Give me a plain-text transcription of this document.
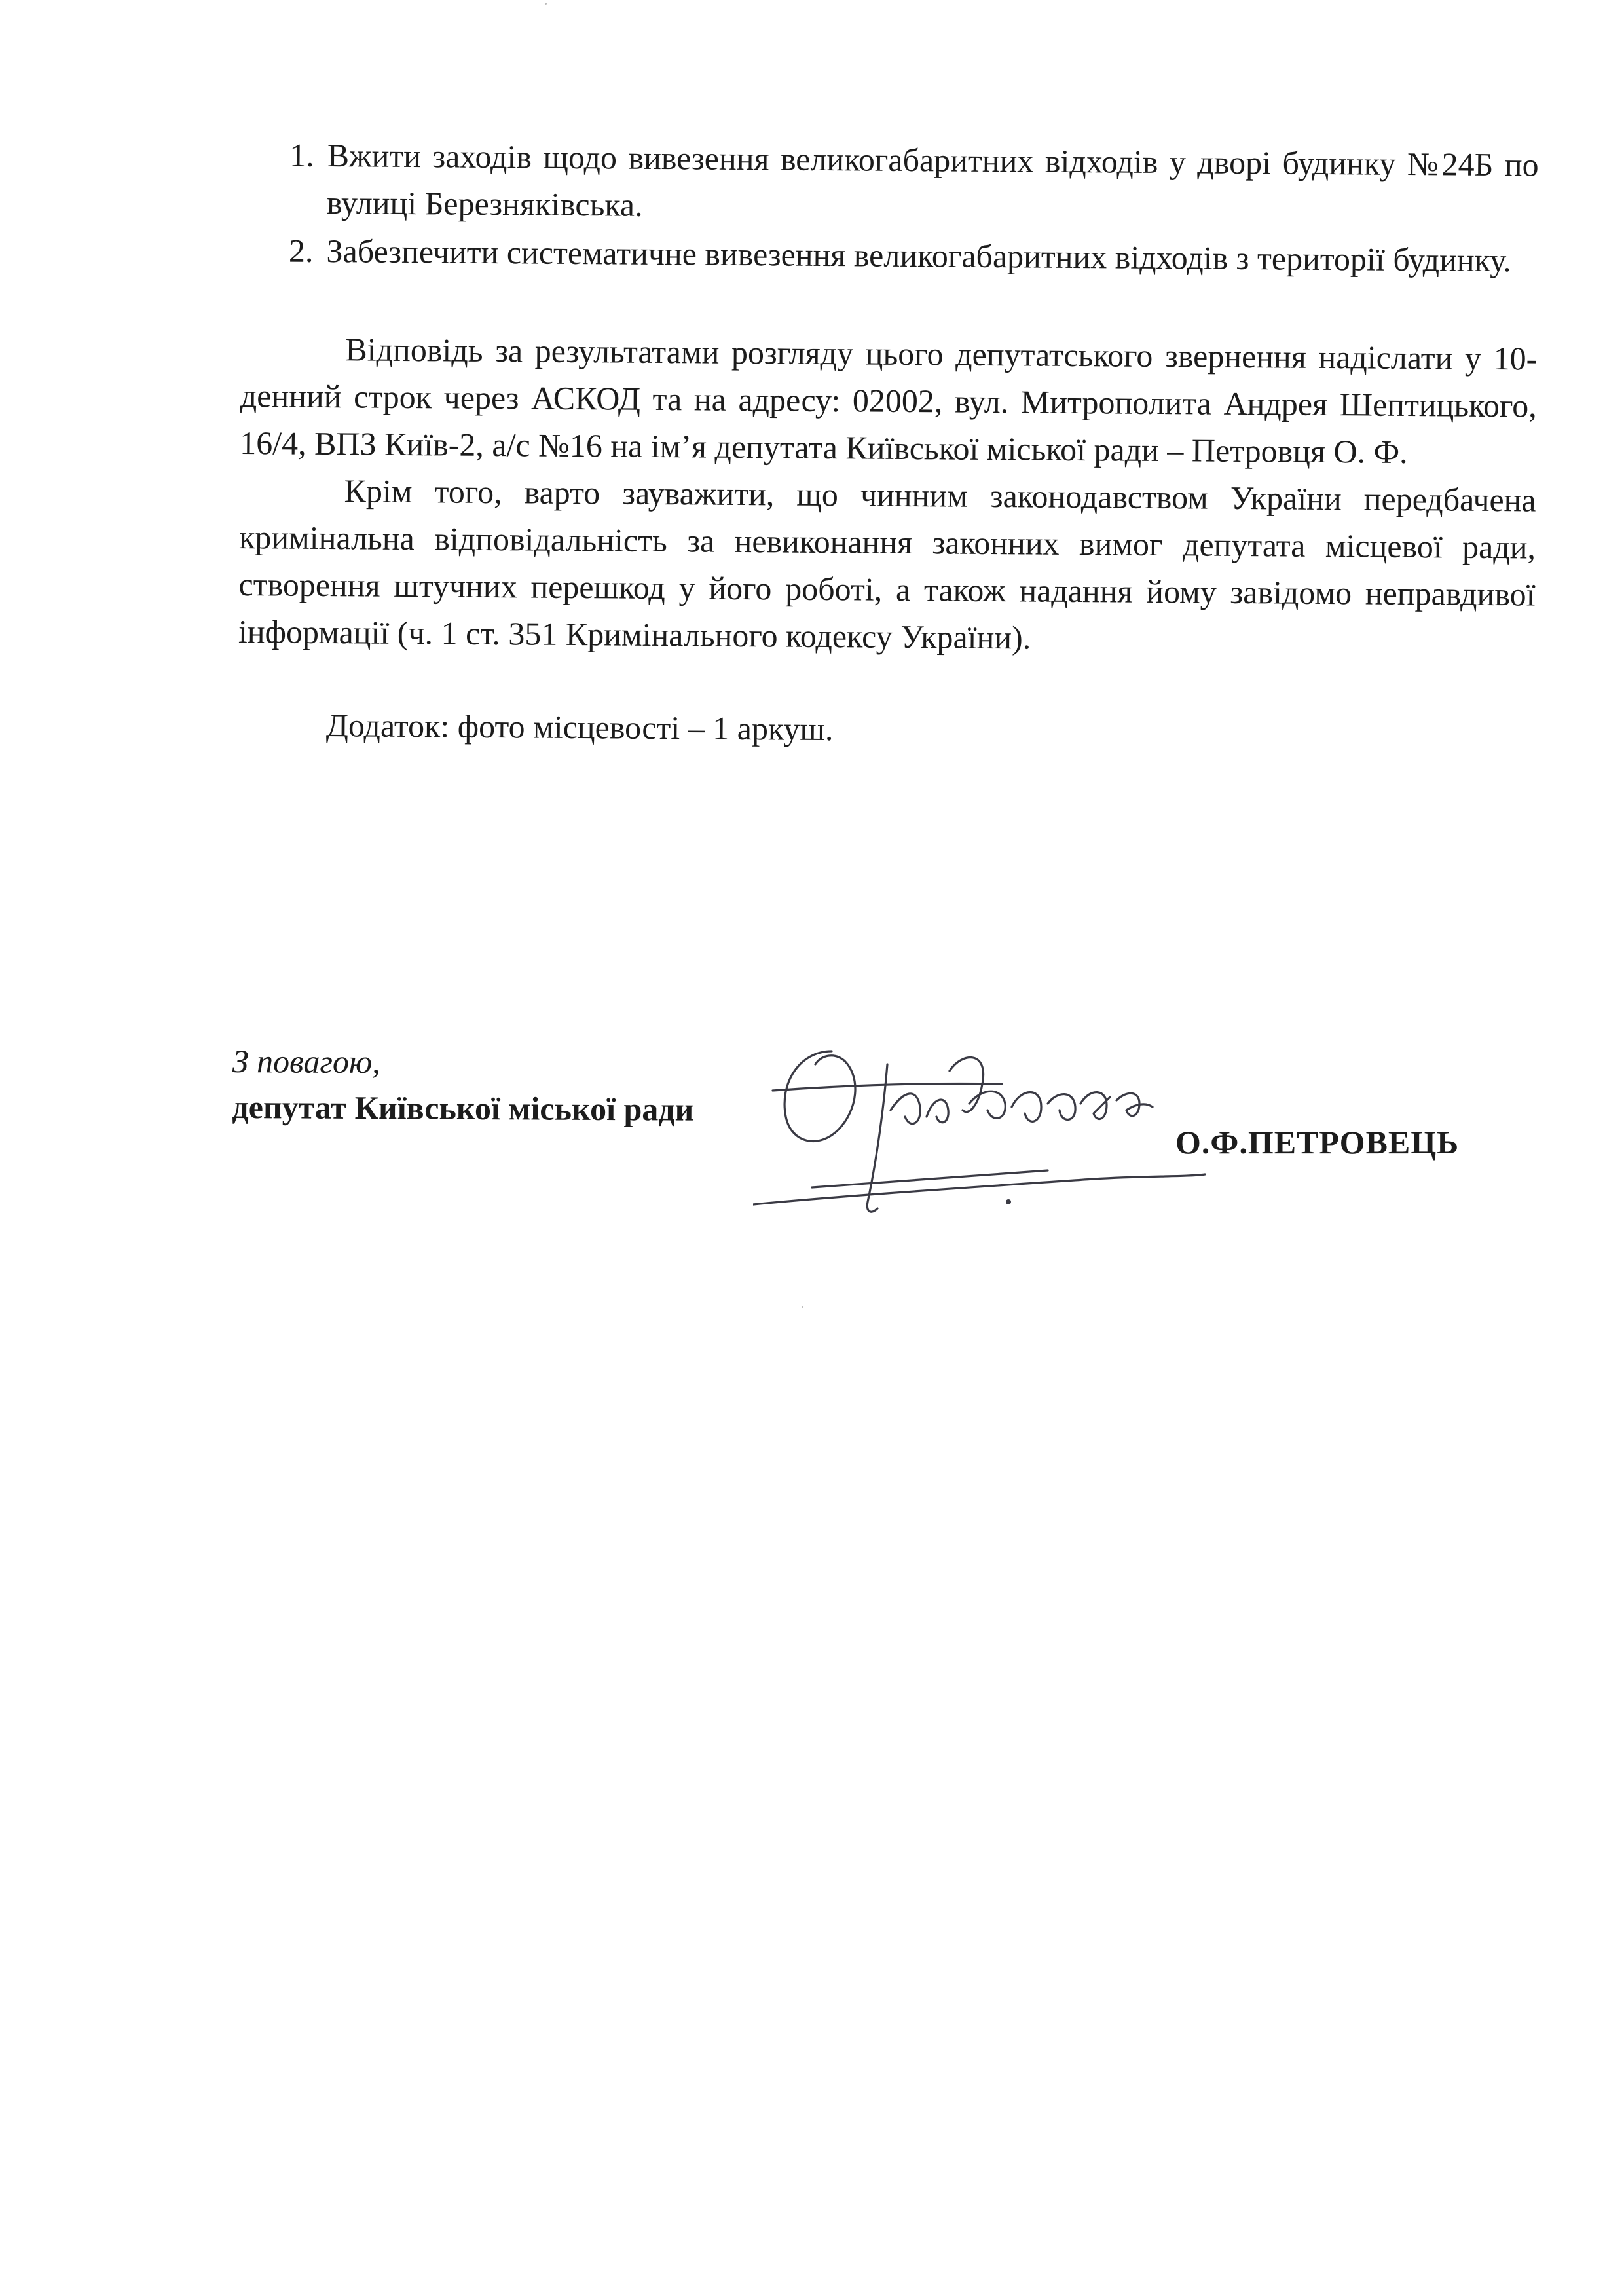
1. Вжити заходів щодо вивезення великогабаритних відходів у дворі будинку №24Б по вулиці Березняківська.
2. Забезпечити систематичне вивезення великогабаритних відходів з території будинку.

Відповідь за результатами розгляду цього депутатського звернення надіслати у 10-денний строк через АСКОД та на адресу: 02002, вул. Митрополита Андрея Шептицького, 16/4, ВПЗ Київ-2, а/с №16 на ім’я депутата Київської міської ради – Петровця О. Ф.

Крім того, варто зауважити, що чинним законодавством України передбачена кримінальна відповідальність за невиконання законних вимог депутата місцевої ради, створення штучних перешкод у його роботі, а також надання йому завідомо неправдивої інформації (ч. 1 ст. 351 Кримінального кодексу України).

Додаток: фото місцевості – 1 аркуш.

З повагою,
депутат Київської міської ради
О.Ф.ПЕТРОВЕЦЬ
